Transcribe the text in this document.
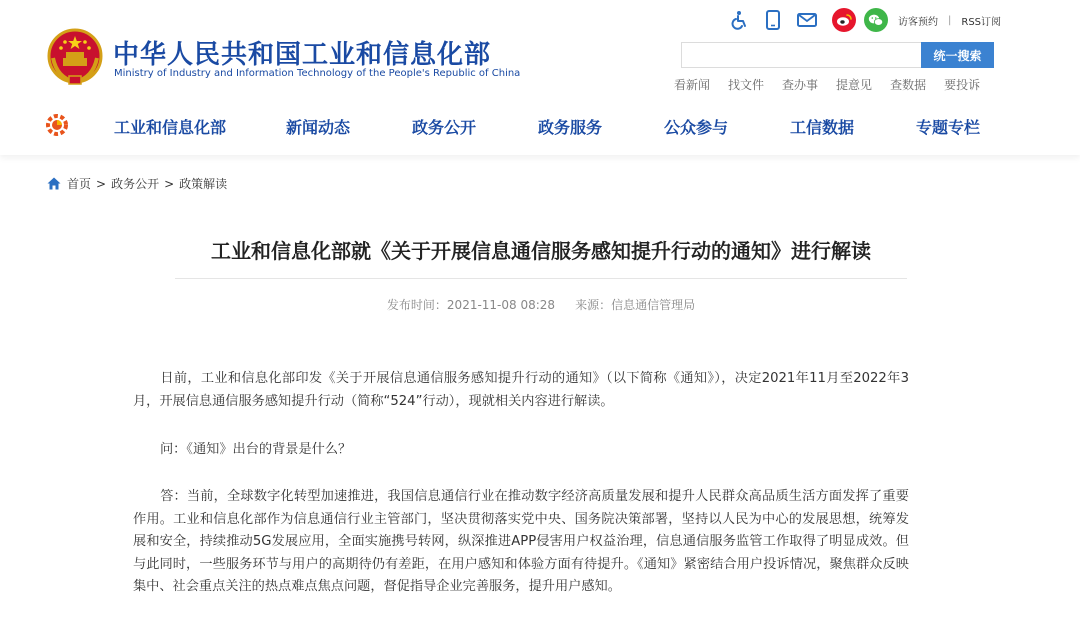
中华人民共和国工业和信息化部
Ministry of Industry and Information Technology of the People's Republic of China
访客预约 | RSS订阅
统一搜索
看新闻 找文件 查办事 提意见 查数据 要投诉
工业和信息化部	新闻动态	政务公开	政务服务	公众参与	工信数据	专题专栏
首页 > 政务公开 > 政策解读
工业和信息化部就《关于开展信息通信服务感知提升行动的通知》进行解读
发布时间：2021-11-08 08:28 来源：信息通信管理局
日前，工业和信息化部印发《关于开展信息通信服务感知提升行动的通知》（以下简称《通知》），决定2021年11月至2022年3月，开展信息通信服务感知提升行动（简称“524”行动），现就相关内容进行解读。
问：《通知》出台的背景是什么？
答：当前，全球数字化转型加速推进，我国信息通信行业在推动数字经济高质量发展和提升人民群众高品质生活方面发挥了重要作用。工业和信息化部作为信息通信行业主管部门，坚决贯彻落实党中央、国务院决策部署，坚持以人民为中心的发展思想，统筹发展和安全，持续推动5G发展应用，全面实施携号转网，纵深推进APP侵害用户权益治理，信息通信服务监管工作取得了明显成效。但与此同时，一些服务环节与用户的高期待仍有差距，在用户感知和体验方面有待提升。《通知》紧密结合用户投诉情况，聚焦群众反映集中、社会重点关注的热点难点焦点问题，督促指导企业完善服务，提升用户感知。
